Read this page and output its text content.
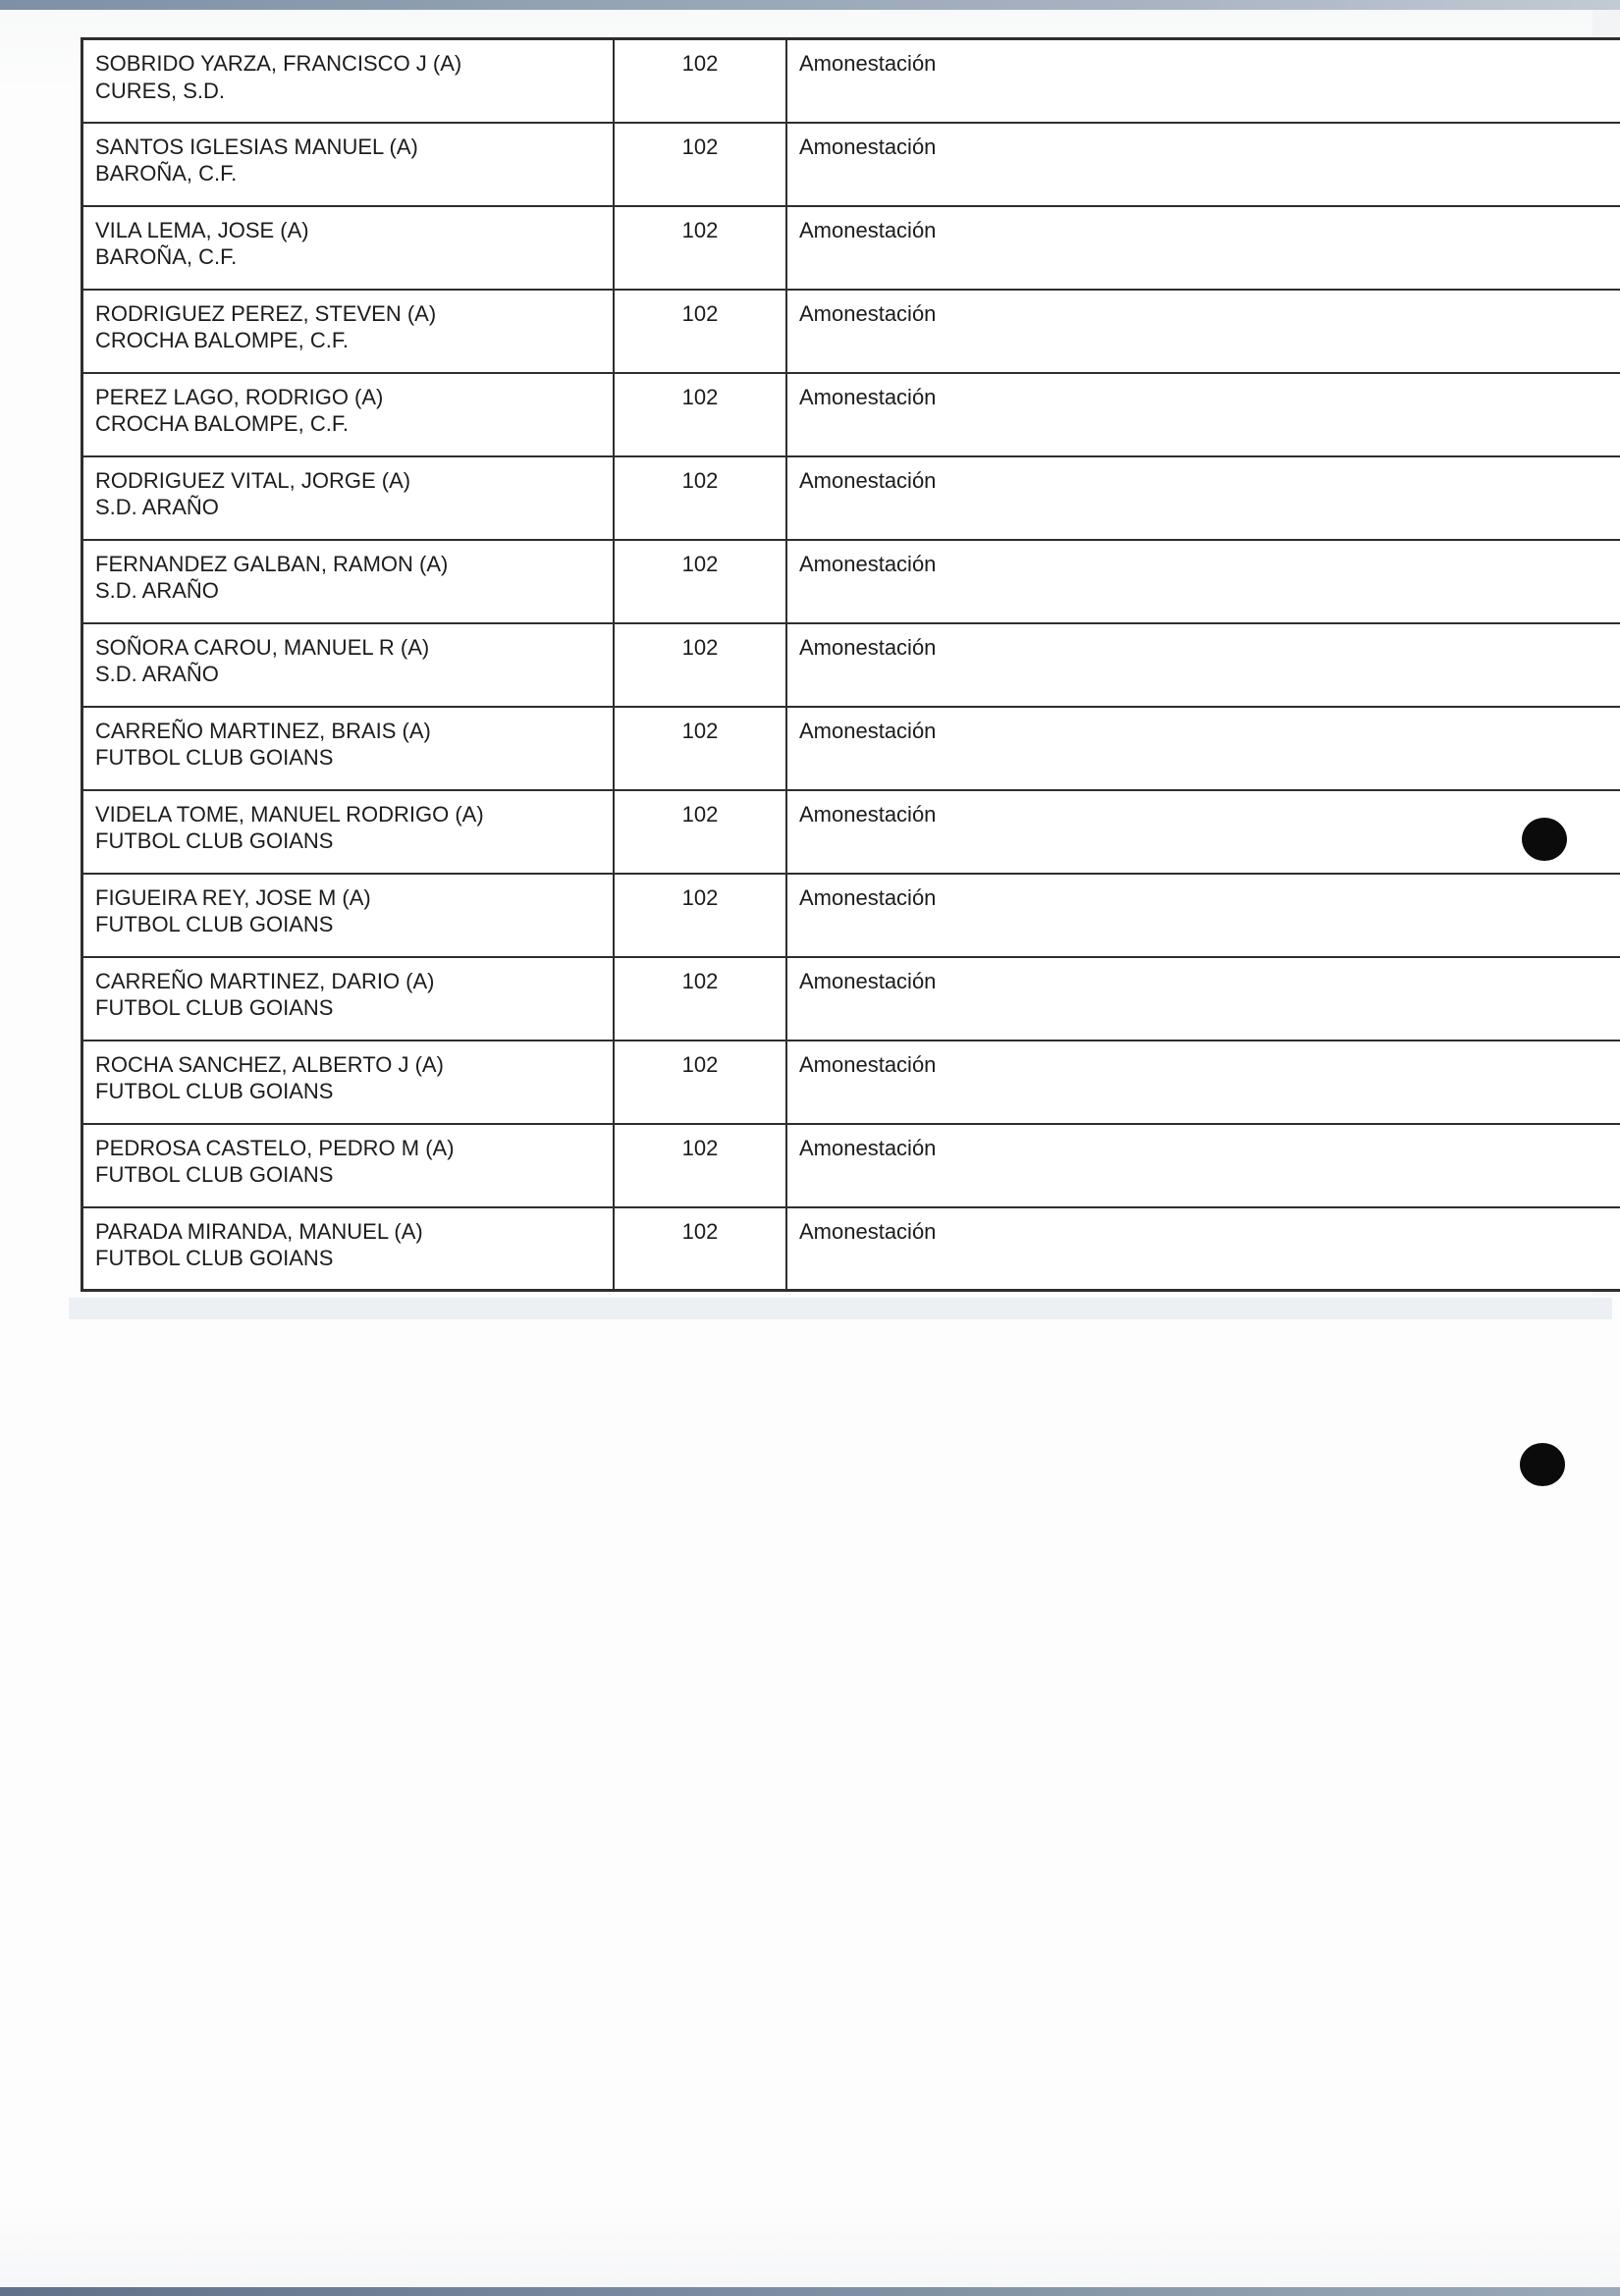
SOBRIDO YARZA, FRANCISCO J (A)
CURES, S.D.	102	Amonestación

SANTOS IGLESIAS MANUEL (A)
BAROÑA, C.F.	102	Amonestación

VILA LEMA, JOSE (A)
BAROÑA, C.F.	102	Amonestación

RODRIGUEZ PEREZ, STEVEN (A)
CROCHA BALOMPE, C.F.	102	Amonestación

PEREZ LAGO, RODRIGO (A)
CROCHA BALOMPE, C.F.	102	Amonestación

RODRIGUEZ VITAL, JORGE (A)
S.D. ARAÑO	102	Amonestación

FERNANDEZ GALBAN, RAMON (A)
S.D. ARAÑO	102	Amonestación

SOÑORA CAROU, MANUEL R (A)
S.D. ARAÑO	102	Amonestación

CARREÑO MARTINEZ, BRAIS (A)
FUTBOL CLUB GOIANS	102	Amonestación

VIDELA TOME, MANUEL RODRIGO (A)
FUTBOL CLUB GOIANS	102	Amonestación

FIGUEIRA REY, JOSE M (A)
FUTBOL CLUB GOIANS	102	Amonestación

CARREÑO MARTINEZ, DARIO (A)
FUTBOL CLUB GOIANS	102	Amonestación

ROCHA SANCHEZ, ALBERTO J (A)
FUTBOL CLUB GOIANS	102	Amonestación

PEDROSA CASTELO, PEDRO M (A)
FUTBOL CLUB GOIANS	102	Amonestación

PARADA MIRANDA, MANUEL (A)
FUTBOL CLUB GOIANS	102	Amonestación
